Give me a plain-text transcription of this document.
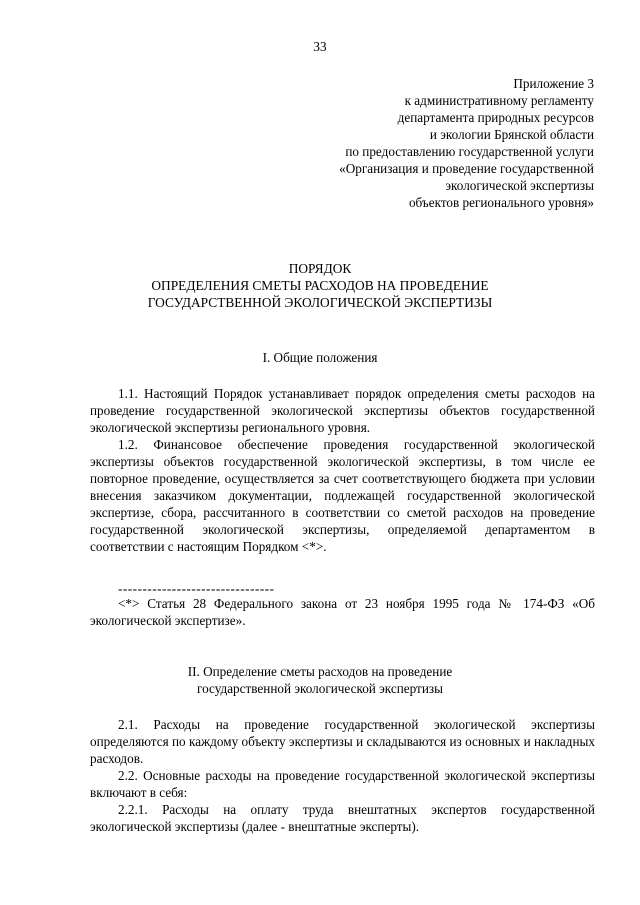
33
Приложение 3
к административному регламенту
департамента природных ресурсов
и экологии Брянской области
по предоставлению государственной услуги
«Организация и проведение государственной
экологической экспертизы
объектов регионального уровня»
ПОРЯДОК
ОПРЕДЕЛЕНИЯ СМЕТЫ РАСХОДОВ НА ПРОВЕДЕНИЕ
ГОСУДАРСТВЕННОЙ ЭКОЛОГИЧЕСКОЙ ЭКСПЕРТИЗЫ
I. Общие положения

1.1. Настоящий Порядок устанавливает порядок определения сметы расходов на проведение государственной экологической экспертизы объектов государственной экологической экспертизы регионального уровня.

1.2. Финансовое обеспечение проведения государственной экологической экспертизы объектов государственной экологической экспертизы, в том числе ее повторное проведение, осуществляется за счет соответствующего бюджета при условии внесения заказчиком документации, подлежащей государственной экологической экспертизе, сбора, рассчитанного в соответствии со сметой расходов на проведение государственной экологической экспертизы, определяемой департаментом в соответствии с настоящим Порядком <*>.

--------------------------------
<*> Статья 28 Федерального закона от 23 ноября 1995 года № 174-ФЗ «Об экологической экспертизе».
II. Определение сметы расходов на проведение
государственной экологической экспертизы

2.1. Расходы на проведение государственной экологической экспертизы определяются по каждому объекту экспертизы и складываются из основных и накладных расходов.

2.2. Основные расходы на проведение государственной экологической экспертизы включают в себя:

2.2.1. Расходы на оплату труда внештатных экспертов государственной экологической экспертизы (далее - внештатные эксперты).
